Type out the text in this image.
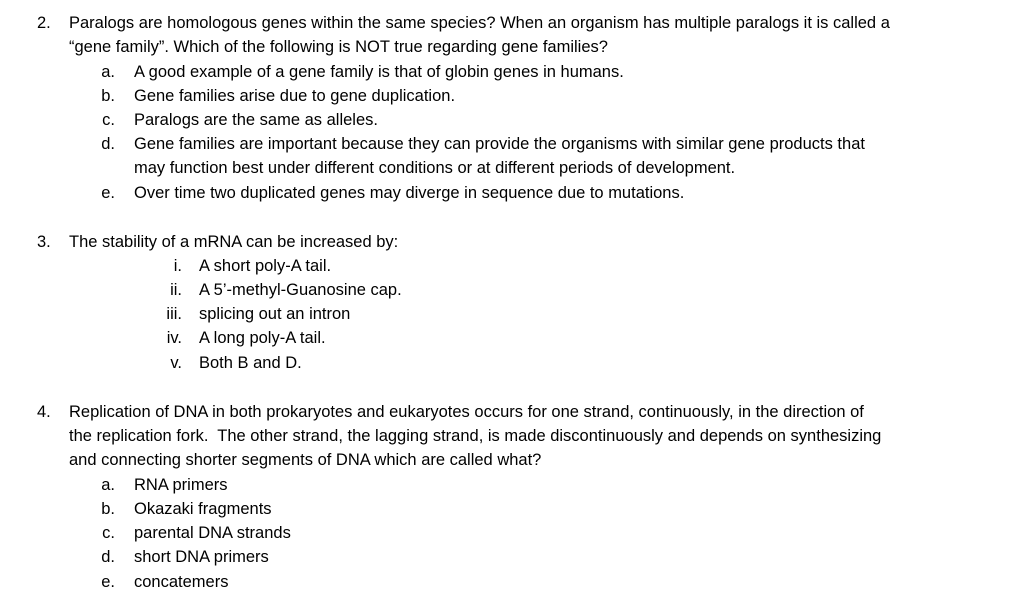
2. Paralogs are homologous genes within the same species? When an organism has multiple paralogs it is called a
“gene family”. Which of the following is NOT true regarding gene families?
a. A good example of a gene family is that of globin genes in humans.
b. Gene families arise due to gene duplication.
c. Paralogs are the same as alleles.
d. Gene families are important because they can provide the organisms with similar gene products that
may function best under different conditions or at different periods of development.
e. Over time two duplicated genes may diverge in sequence due to mutations.
3. The stability of a mRNA can be increased by:
i. A short poly-A tail.
ii. A 5’-methyl-Guanosine cap.
iii. splicing out an intron
iv. A long poly-A tail.
v. Both B and D.
4. Replication of DNA in both prokaryotes and eukaryotes occurs for one strand, continuously, in the direction of
the replication fork.  The other strand, the lagging strand, is made discontinuously and depends on synthesizing
and connecting shorter segments of DNA which are called what?
a. RNA primers
b. Okazaki fragments
c. parental DNA strands
d. short DNA primers
e. concatemers
